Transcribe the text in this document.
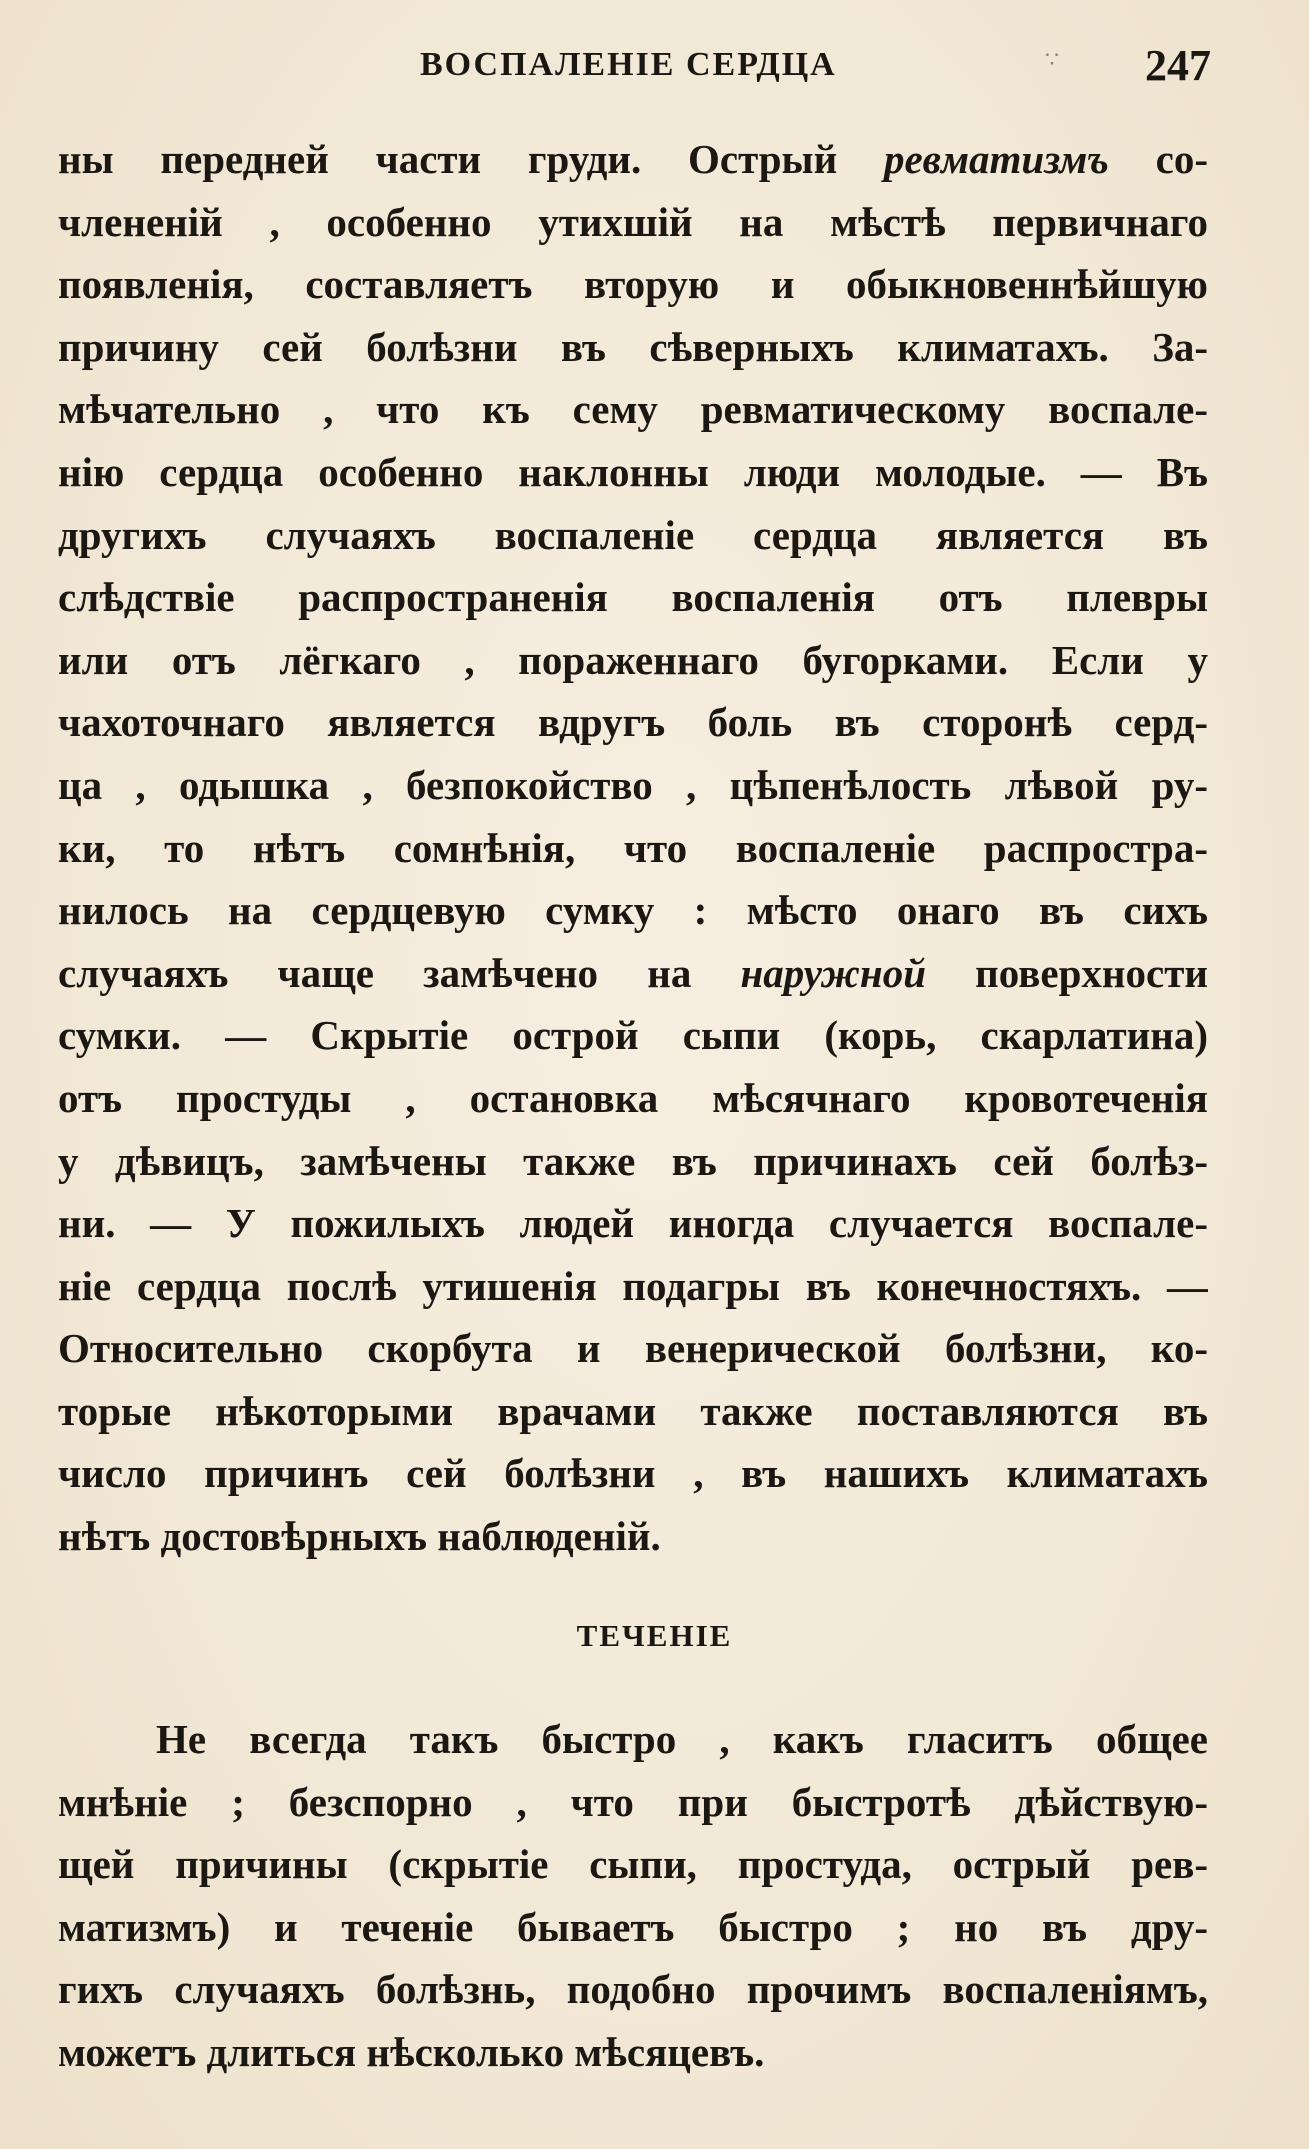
ВОСПАЛЕНІЕ СЕРДЦА	∵ 247
ны передней части груди. Острый ревматизмъ со-
члененій , особенно утихшій на мѣстѣ первичнаго
появленія, составляетъ вторую и обыкновеннѣйшую
причину сей болѣзни въ сѣверныхъ климатахъ. За-
мѣчательно , что къ сему ревматическому воспале-
нію сердца особенно наклонны люди молодые. — Въ
другихъ случаяхъ воспаленіе сердца является въ
слѣдствіе распространенія воспаленія отъ плевры
или отъ лёгкаго , пораженнаго бугорками. Если у
чахоточнаго является вдругъ боль въ сторонѣ серд-
ца , одышка , безпокойство , цѣпенѣлость лѣвой ру-
ки, то нѣтъ сомнѣнія, что воспаленіе распростра-
нилось на сердцевую сумку : мѣсто онаго въ сихъ
случаяхъ чаще замѣчено на наружной поверхности
сумки. — Скрытіе острой сыпи (корь, скарлатина)
отъ простуды , остановка мѣсячнаго кровотеченія
у дѣвицъ, замѣчены также въ причинахъ сей болѣз-
ни. — У пожилыхъ людей иногда случается воспале-
ніе сердца послѣ утишенія подагры въ конечностяхъ. —
Относительно скорбута и венерической болѣзни, ко-
торые нѣкоторыми врачами также поставляются въ
число причинъ сей болѣзни , въ нашихъ климатахъ
нѣтъ достовѣрныхъ наблюденій.
ТЕЧЕНІЕ
Не всегда такъ быстро , какъ гласитъ общее
мнѣніе ; безспорно , что при быстротѣ дѣйствую-
щей причины (скрытіе сыпи, простуда, острый рев-
матизмъ) и теченіе бываетъ быстро ; но въ дру-
гихъ случаяхъ болѣзнь, подобно прочимъ воспаленіямъ,
можетъ длиться нѣсколько мѣсяцевъ.
